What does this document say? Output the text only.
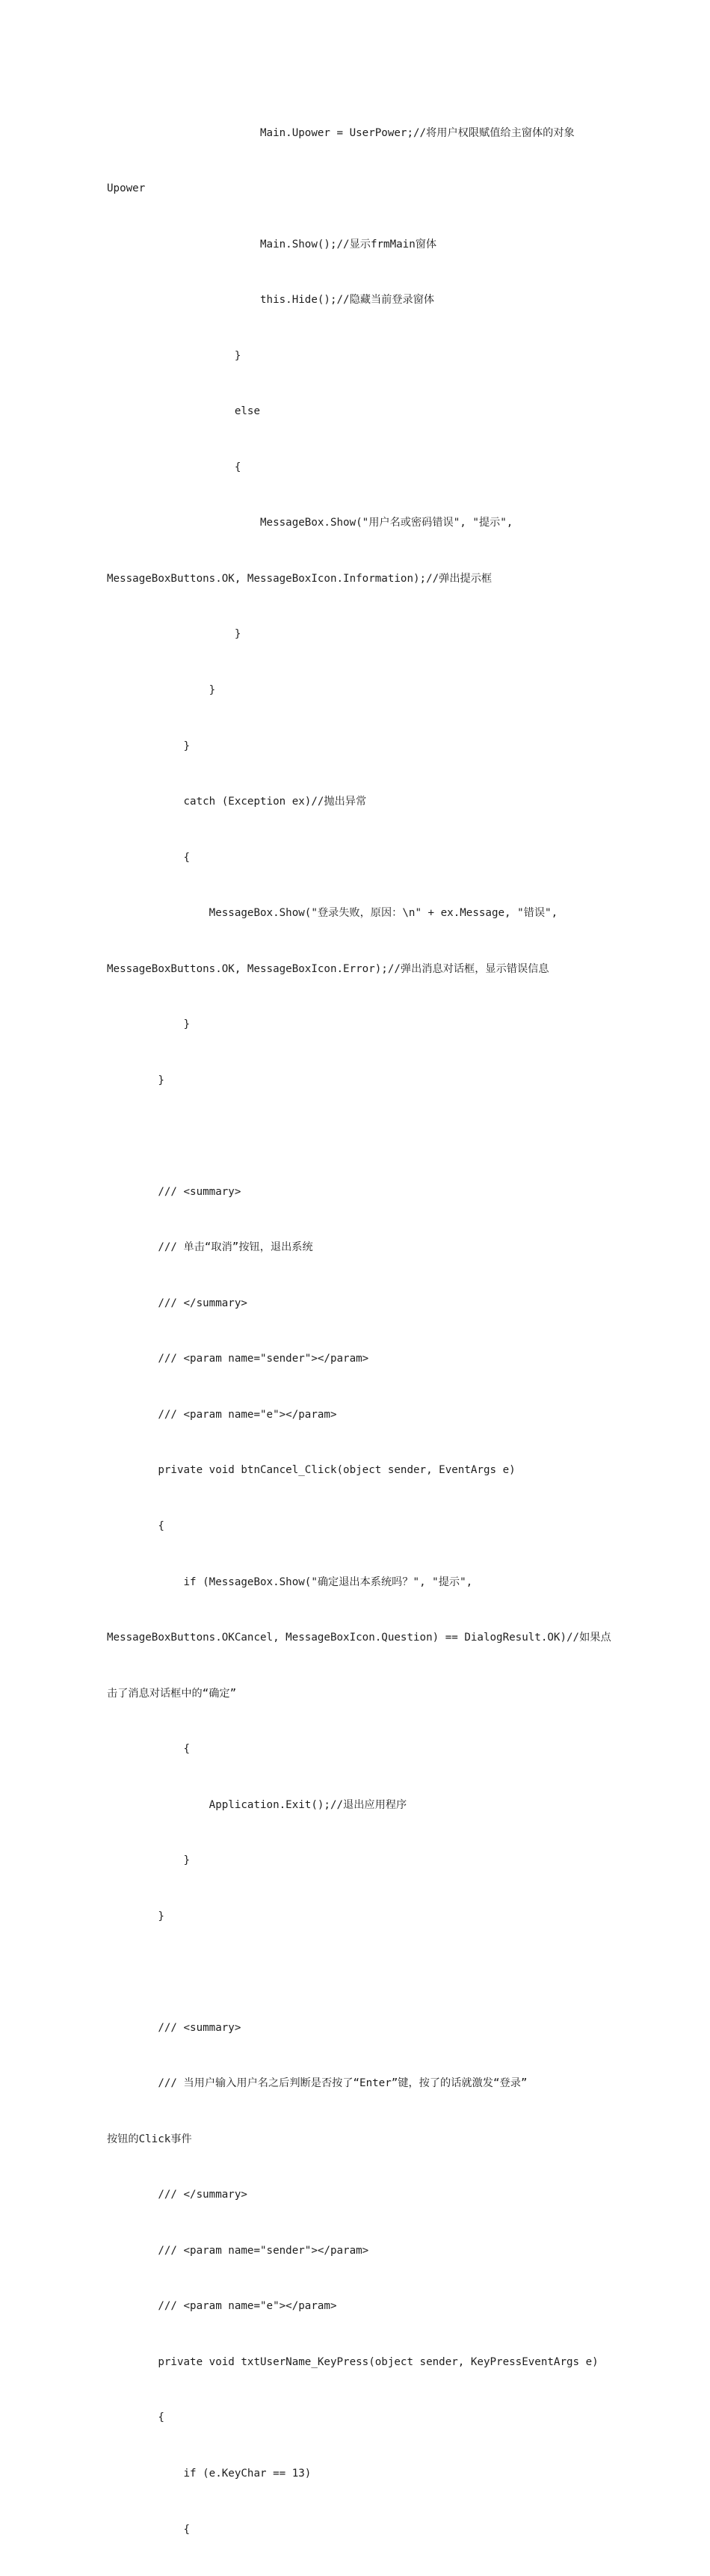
Main.Upower = UserPower;//将用户权限赋值给主窗体的对象

Upower

Main.Show();//显示frmMain窗体

this.Hide();//隐藏当前登录窗体

}

else

{

MessageBox.Show("用户名或密码错误", "提示",

MessageBoxButtons.OK, MessageBoxIcon.Information);//弹出提示框

}

}

}

catch (Exception ex)//抛出异常

{

MessageBox.Show("登录失败，原因：\n" + ex.Message, "错误",

MessageBoxButtons.OK, MessageBoxIcon.Error);//弹出消息对话框，显示错误信息

}

}

/// <summary>

/// 单击“取消”按钮，退出系统

/// </summary>

/// <param name="sender"></param>

/// <param name="e"></param>

private void btnCancel_Click(object sender, EventArgs e)

{

if (MessageBox.Show("确定退出本系统吗？", "提示",

MessageBoxButtons.OKCancel, MessageBoxIcon.Question) == DialogResult.OK)//如果点

击了消息对话框中的“确定”

{

Application.Exit();//退出应用程序

}

}

/// <summary>

/// 当用户输入用户名之后判断是否按了“Enter”键，按了的话就激发“登录”

按钮的Click事件

/// </summary>

/// <param name="sender"></param>

/// <param name="e"></param>

private void txtUserName_KeyPress(object sender, KeyPressEventArgs e)

{

if (e.KeyChar == 13)

{
